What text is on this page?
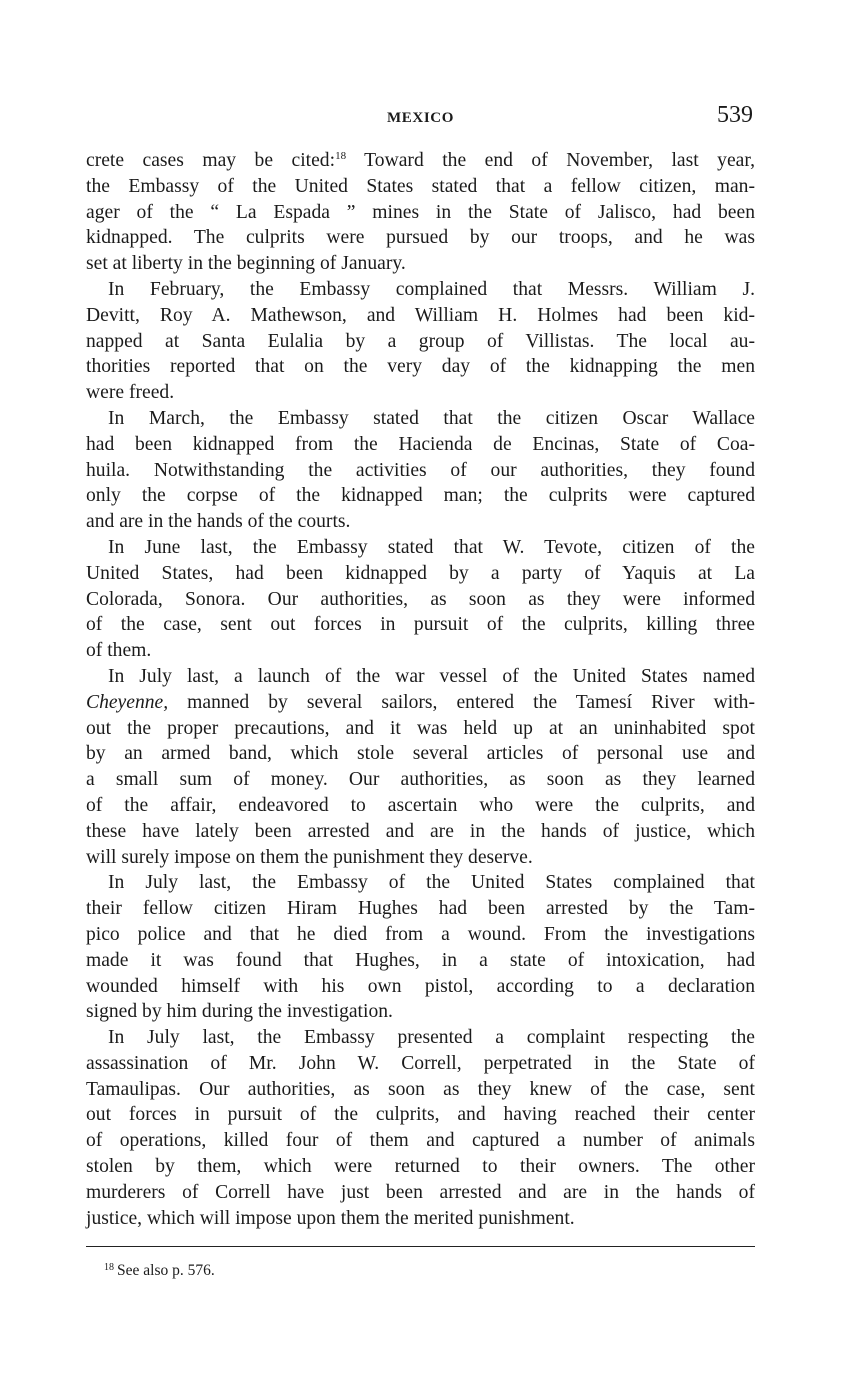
MEXICO	539
crete cases may be cited:$^{18}$ Toward the end of November, last year,
the Embassy of the United States stated that a fellow citizen, man-
ager of the “ La Espada ” mines in the State of Jalisco, had been
kidnapped. The culprits were pursued by our troops, and he was
set at liberty in the beginning of January.
In February, the Embassy complained that Messrs. William J.
Devitt, Roy A. Mathewson, and William H. Holmes had been kid-
napped at Santa Eulalia by a group of Villistas. The local au-
thorities reported that on the very day of the kidnapping the men
were freed.
In March, the Embassy stated that the citizen Oscar Wallace
had been kidnapped from the Hacienda de Encinas, State of Coa-
huila. Notwithstanding the activities of our authorities, they found
only the corpse of the kidnapped man; the culprits were captured
and are in the hands of the courts.
In June last, the Embassy stated that W. Tevote, citizen of the
United States, had been kidnapped by a party of Yaquis at La
Colorada, Sonora. Our authorities, as soon as they were informed
of the case, sent out forces in pursuit of the culprits, killing three
of them.
In July last, a launch of the war vessel of the United States named
Cheyenne, manned by several sailors, entered the Tamesí River with-
out the proper precautions, and it was held up at an uninhabited spot
by an armed band, which stole several articles of personal use and
a small sum of money. Our authorities, as soon as they learned
of the affair, endeavored to ascertain who were the culprits, and
these have lately been arrested and are in the hands of justice, which
will surely impose on them the punishment they deserve.
In July last, the Embassy of the United States complained that
their fellow citizen Hiram Hughes had been arrested by the Tam-
pico police and that he died from a wound. From the investigations
made it was found that Hughes, in a state of intoxication, had
wounded himself with his own pistol, according to a declaration
signed by him during the investigation.
In July last, the Embassy presented a complaint respecting the
assassination of Mr. John W. Correll, perpetrated in the State of
Tamaulipas. Our authorities, as soon as they knew of the case, sent
out forces in pursuit of the culprits, and having reached their center
of operations, killed four of them and captured a number of animals
stolen by them, which were returned to their owners. The other
murderers of Correll have just been arrested and are in the hands of
justice, which will impose upon them the merited punishment.
$^{18}$ See also p. 576.
